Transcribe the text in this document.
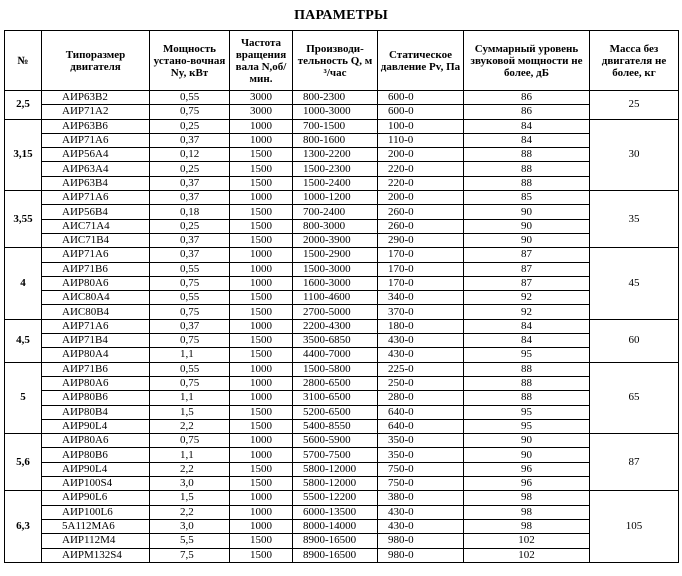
ПАРАМЕТРЫ
№	Типоразмер двигателя	Мощность устано-вочная Ny, кВт	Частота вращения вала N,об/мин.	Производи-тельность Q, м ³/час	Статическое давление Pv, Па	Суммарный уровень звуковой мощности не более, дБ	Масса без двигателя не более, кг
2,5	АИР63В2	0,55	3000	800-2300	600-0	86	25
	АИР71А2	0,75	3000	1000-3000	600-0	86	
3,15	АИР63В6	0,25	1000	700-1500	100-0	84	30
	АИР71А6	0,37	1000	800-1600	110-0	84	
	АИР56А4	0,12	1500	1300-2200	200-0	88	
	АИР63А4	0,25	1500	1500-2300	220-0	88	
	АИР63В4	0,37	1500	1500-2400	220-0	88	
3,55	АИР71А6	0,37	1000	1000-1200	200-0	85	35
	АИР56В4	0,18	1500	700-2400	260-0	90	
	АИС71А4	0,25	1500	800-3000	260-0	90	
	АИС71В4	0,37	1500	2000-3900	290-0	90	
4	АИР71А6	0,37	1000	1500-2900	170-0	87	45
	АИР71В6	0,55	1000	1500-3000	170-0	87	
	АИР80А6	0,75	1000	1600-3000	170-0	87	
	АИС80А4	0,55	1500	1100-4600	340-0	92	
	АИС80В4	0,75	1500	2700-5000	370-0	92	
4,5	АИР71А6	0,37	1000	2200-4300	180-0	84	60
	АИР71В4	0,75	1500	3500-6850	430-0	84	
	АИР80А4	1,1	1500	4400-7000	430-0	95	
5	АИР71В6	0,55	1000	1500-5800	225-0	88	65
	АИР80А6	0,75	1000	2800-6500	250-0	88	
	АИР80В6	1,1	1000	3100-6500	280-0	88	
	АИР80В4	1,5	1500	5200-6500	640-0	95	
	АИР90L4	2,2	1500	5400-8550	640-0	95	
5,6	АИР80А6	0,75	1000	5600-5900	350-0	90	87
	АИР80В6	1,1	1000	5700-7500	350-0	90	
	АИР90L4	2,2	1500	5800-12000	750-0	96	
	АИР100S4	3,0	1500	5800-12000	750-0	96	
6,3	АИР90L6	1,5	1000	5500-12200	380-0	98	105
	АИР100L6	2,2	1000	6000-13500	430-0	98	
	5А112МА6	3,0	1000	8000-14000	430-0	98	
	АИР112М4	5,5	1500	8900-16500	980-0	102	
	АИРМ132S4	7,5	1500	8900-16500	980-0	102	
